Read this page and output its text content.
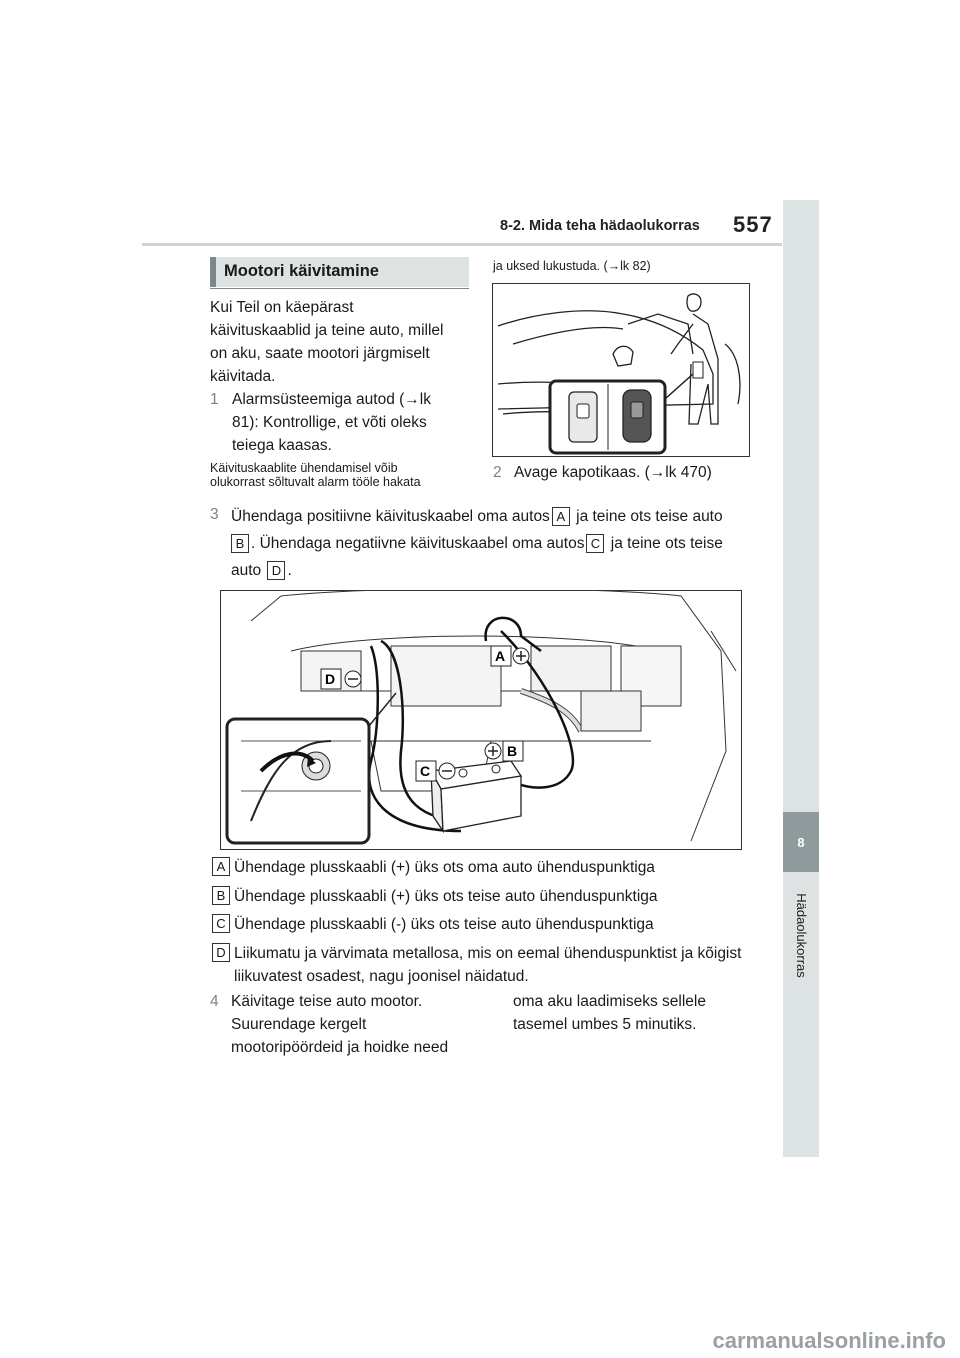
8-2. Mida teha hädaolukorras 557
8
Hädaolukorras
Mootori käivitamine
Kui Teil on käepärast
käivituskaablid ja teine auto, millel
on aku, saate mootori järgmiselt
käivitada.
1 Alarmsüsteemiga autod (→lk
81): Kontrollige, et võti oleks
teiega kaasas.
Käivituskaablite ühendamisel võib
olukorrast sõltuvalt alarm tööle hakata
ja uksed lukustuda. (→lk 82)
2 Avage kapotikaas. (→lk 470)
3 Ühendaga positiivne käivituskaabel oma autos A ja teine ots teise auto
B . Ühendaga negatiivne käivituskaabel oma autos C ja teine ots teise
auto D .
A
D
B
C
A Ühendage plusskaabli (+) üks ots oma auto ühenduspunktiga
B Ühendage plusskaabli (+) üks ots teise auto ühenduspunktiga
C Ühendage plusskaabli (-) üks ots teise auto ühenduspunktiga
D Liikumatu ja värvimata metallosa, mis on eemal ühenduspunktist ja kõigist liikuvatest osadest, nagu joonisel näidatud.
4 Käivitage teise auto mootor.
Suurendage kergelt
mootoripöördeid ja hoidke need
oma aku laadimiseks sellele
tasemel umbes 5 minutiks.
carmanualsonline.info
